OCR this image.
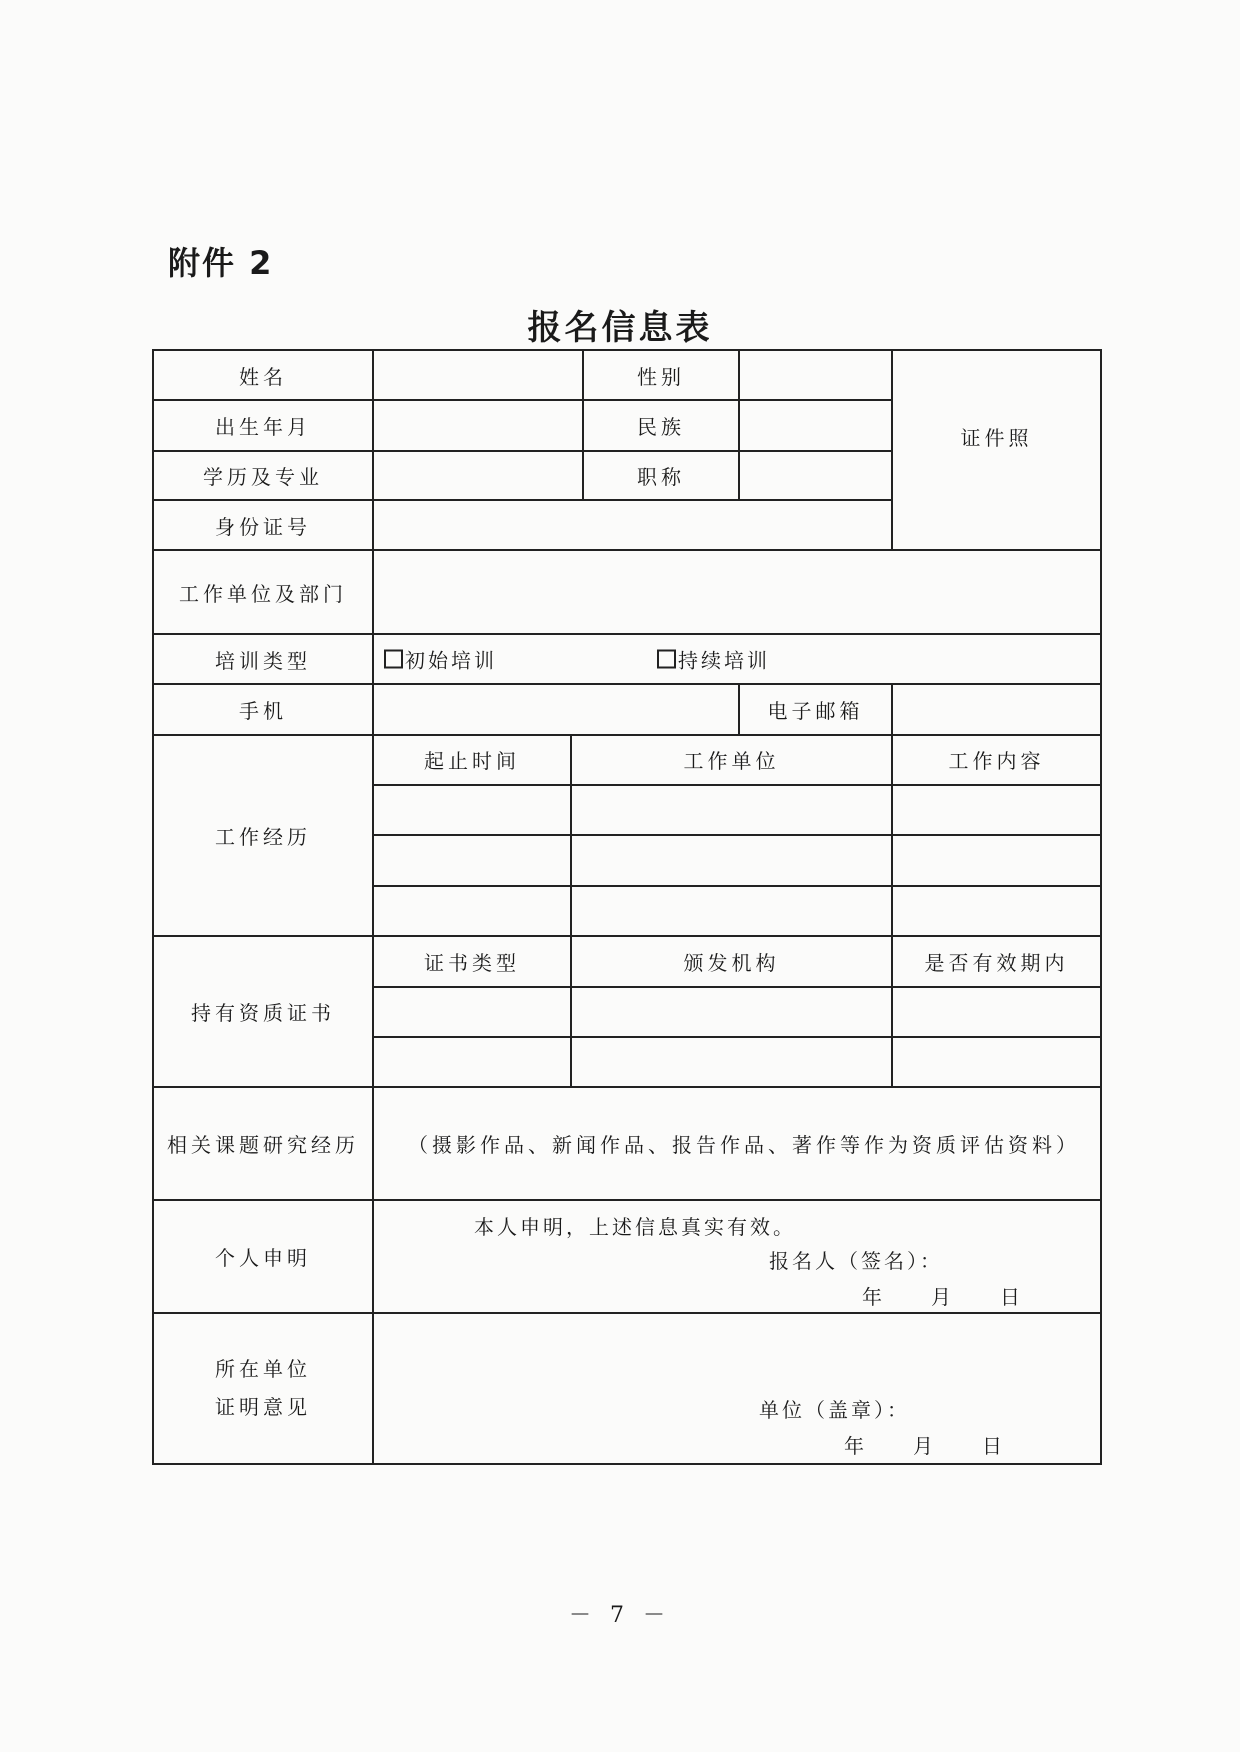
附件 2
报名信息表
姓名			性别		证件照
出生年月			民族		
学历及专业			职称		
身份证号					
工作单位及部门					
培训类型	初始培训 持续培训				

手机				电子邮箱	
工作经历	起止时间	工作单位			工作内容

持有资质证书	证书类型	颁发机构			是否有效期内

相关课题研究经历	（摄影作品、新闻作品、报告作品、著作等作为资质评估资料）				
个人申明	本人申明，上述信息真实有效。
报名人（签名）：
年　　月　　日				

所在单位
证明意见	单位（盖章）：
年　　月　　日				
－ 7 －
